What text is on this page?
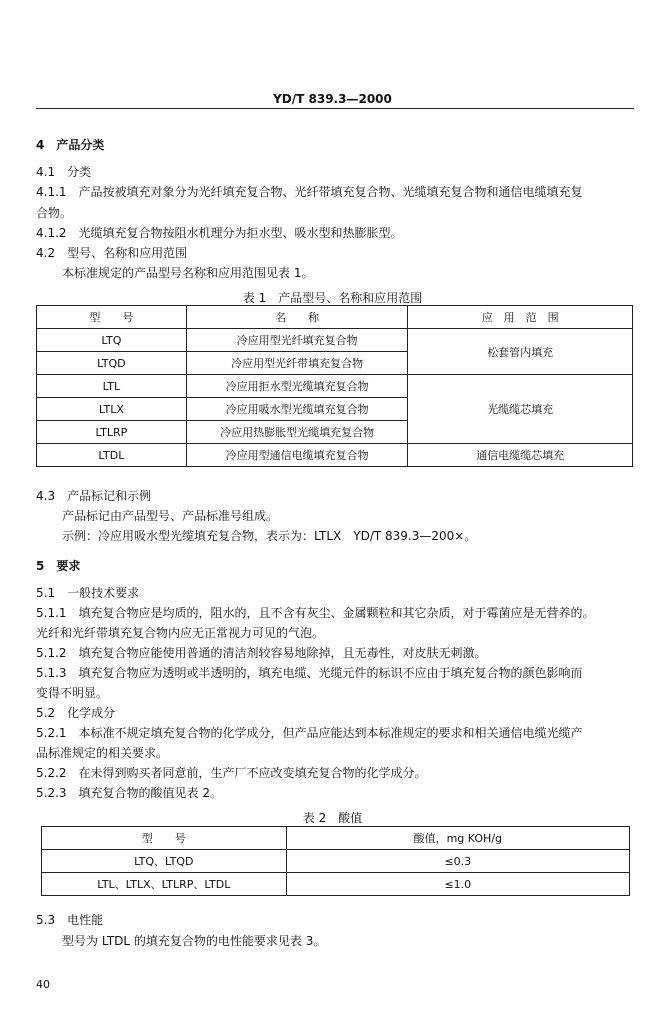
YD/T 839.3—2000
4　产品分类
4.1　分类
4.1.1　产品按被填充对象分为光纤填充复合物、光纤带填充复合物、光缆填充复合物和通信电缆填充复
合物。
4.1.2　光缆填充复合物按阻水机理分为拒水型、吸水型和热膨胀型。
4.2　型号、名称和应用范围
本标准规定的产品型号名称和应用范围见表 1。
表 1　产品型号、名称和应用范围
型　　号	名　　称	应　用　范　围
LTQ	冷应用型光纤填充复合物	松套管内填充
LTQD	冷应用型光纤带填充复合物	
LTL	冷应用拒水型光缆填充复合物	光缆缆芯填充
LTLX	冷应用吸水型光缆填充复合物	
LTLRP	冷应用热膨胀型光缆填充复合物	
LTDL	冷应用型通信电缆填充复合物	通信电缆缆芯填充
4.3　产品标记和示例
产品标记由产品型号、产品标准号组成。
示例：冷应用吸水型光缆填充复合物，表示为：LTLX　YD/T 839.3—200×。
5　要求
5.1　一般技术要求
5.1.1　填充复合物应是均质的，阻水的，且不含有灰尘、金属颗粒和其它杂质，对于霉菌应是无营养的。
光纤和光纤带填充复合物内应无正常视力可见的气泡。
5.1.2　填充复合物应能使用普通的清洁剂较容易地除掉，且无毒性，对皮肤无刺激。
5.1.3　填充复合物应为透明或半透明的，填充电缆、光缆元件的标识不应由于填充复合物的颜色影响而
变得不明显。
5.2　化学成分
5.2.1　本标准不规定填充复合物的化学成分，但产品应能达到本标准规定的要求和相关通信电缆光缆产
品标准规定的相关要求。
5.2.2　在未得到购买者同意前，生产厂不应改变填充复合物的化学成分。
5.2.3　填充复合物的酸值见表 2。
表 2　酸值
型　　号	酸值，mg KOH/g
LTQ、LTQD	≤0.3
LTL、LTLX、LTLRP、LTDL	≤1.0
5.3　电性能
型号为 LTDL 的填充复合物的电性能要求见表 3。
40
